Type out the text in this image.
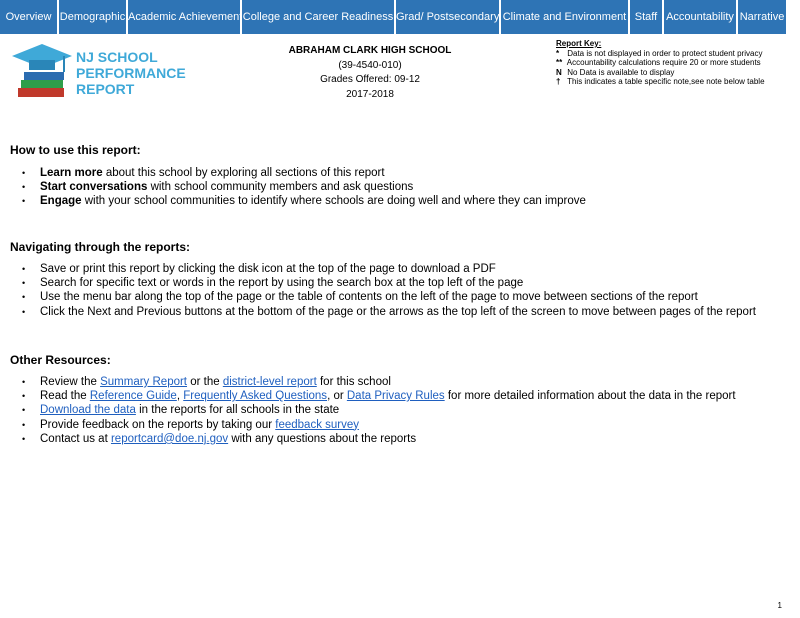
Overview Demographic Academic Achievement College and Career Readiness Grad/ Postsecondary Climate and Environment Staff Accountability Narrative
NJ SCHOOL
PERFORMANCE
REPORT
ABRAHAM CLARK HIGH SCHOOL
(39-4540-010)
Grades Offered: 09-12
2017-2018
Report Key:
* Data is not displayed in order to protect student privacy
** Accountability calculations require 20 or more students
N No Data is available to display
† This indicates a table specific note,see note below table
How to use this report:
• Learn more about this school by exploring all sections of this report
• Start conversations with school community members and ask questions
• Engage with your school communities to identify where schools are doing well and where they can improve
Navigating through the reports:
• Save or print this report by clicking the disk icon at the top of the page to download a PDF
• Search for specific text or words in the report by using the search box at the top left of the page
• Use the menu bar along the top of the page or the table of contents on the left of the page to move between sections of the report
• Click the Next and Previous buttons at the bottom of the page or the arrows as the top left of the screen to move between pages of the report
Other Resources:
• Review the Summary Report or the district-level report for this school
• Read the Reference Guide, Frequently Asked Questions, or Data Privacy Rules for more detailed information about the data in the report
• Download the data in the reports for all schools in the state
• Provide feedback on the reports by taking our feedback survey
• Contact us at reportcard@doe.nj.gov with any questions about the reports
1
